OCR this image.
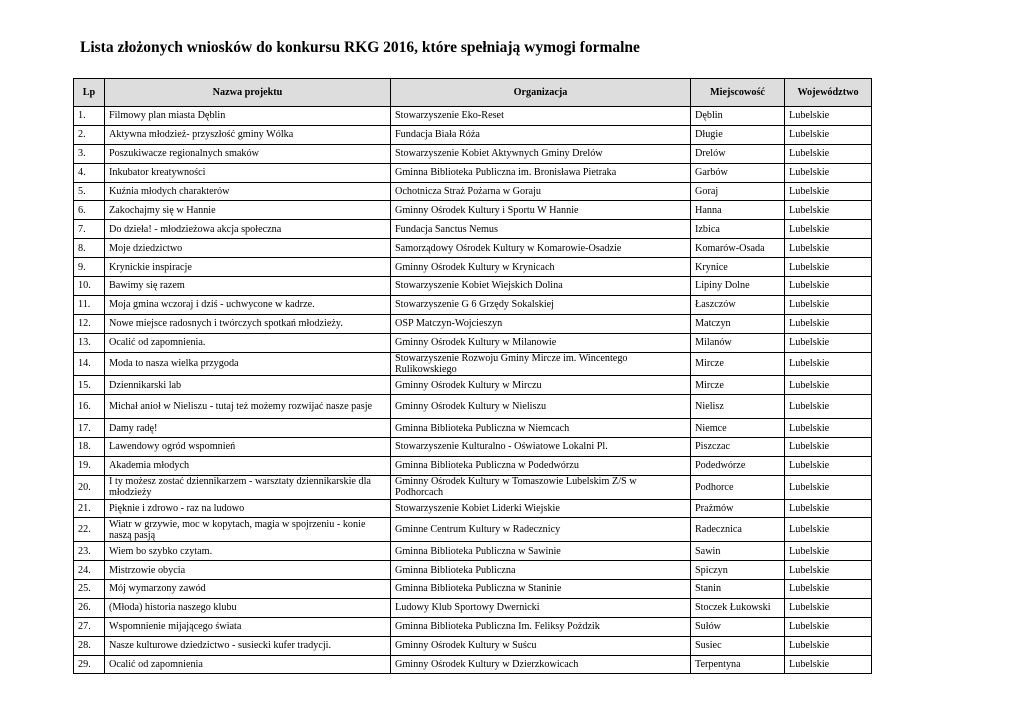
Lista złożonych wniosków do konkursu RKG 2016, które spełniają wymogi formalne
Lp	Nazwa projektu	Organizacja	Miejscowość	Województwo
1.	Filmowy plan miasta Dęblin	Stowarzyszenie Eko-Reset	Dęblin	Lubelskie
2.	Aktywna młodzież- przyszłość gminy Wólka	Fundacja Biała Róża	Długie	Lubelskie
3.	Poszukiwacze regionalnych smaków	Stowarzyszenie Kobiet Aktywnych Gminy Drelów	Drelów	Lubelskie
4.	Inkubator kreatywności	Gminna Biblioteka Publiczna im. Bronisława Pietraka	Garbów	Lubelskie
5.	Kuźnia młodych charakterów	Ochotnicza Straż Pożarna w Goraju	Goraj	Lubelskie
6.	Zakochajmy się w Hannie	Gminny Ośrodek Kultury i Sportu W Hannie	Hanna	Lubelskie
7.	Do dzieła! - młodzieżowa akcja społeczna	Fundacja Sanctus Nemus	Izbica	Lubelskie
8.	Moje dziedzictwo	Samorządowy Ośrodek Kultury w Komarowie-Osadzie	Komarów-Osada	Lubelskie
9.	Krynickie inspiracje	Gminny Ośrodek Kultury w Krynicach	Krynice	Lubelskie
10.	Bawimy się razem	Stowarzyszenie Kobiet Wiejskich Dolina	Lipiny Dolne	Lubelskie
11.	Moja gmina wczoraj i dziś - uchwycone w kadrze.	Stowarzyszenie G 6 Grzędy Sokalskiej	Łaszczów	Lubelskie
12.	Nowe miejsce radosnych i twórczych spotkań młodzieży.	OSP Matczyn-Wojcieszyn	Matczyn	Lubelskie
13.	Ocalić od zapomnienia.	Gminny Ośrodek Kultury w Milanowie	Milanów	Lubelskie
14.	Moda to nasza wielka przygoda	Stowarzyszenie Rozwoju Gminy Mircze im. Wincentego Rulikowskiego	Mircze	Lubelskie
15.	Dziennikarski lab	Gminny Ośrodek Kultury w Mirczu	Mircze	Lubelskie
16.	Michał anioł w Nieliszu - tutaj też możemy rozwijać nasze pasje	Gminny Ośrodek Kultury w Nieliszu	Nielisz	Lubelskie
17.	Damy radę!	Gminna Biblioteka Publiczna w Niemcach	Niemce	Lubelskie
18.	Lawendowy ogród wspomnień	Stowarzyszenie Kulturalno - Oświatowe Lokalni Pl.	Piszczac	Lubelskie
19.	Akademia młodych	Gminna Biblioteka Publiczna w Podedwórzu	Podedwórze	Lubelskie
20.	I ty możesz zostać dziennikarzem - warsztaty dziennikarskie dla młodzieży	Gminny Ośrodek Kultury w Tomaszowie Lubelskim Z/S w Podhorcach	Podhorce	Lubelskie
21.	Pięknie i zdrowo - raz na ludowo	Stowarzyszenie Kobiet Liderki Wiejskie	Prażmów	Lubelskie
22.	Wiatr w grzywie, moc w kopytach, magia w spojrzeniu - konie naszą pasją	Gminne Centrum Kultury w Radecznicy	Radecznica	Lubelskie
23.	Wiem bo szybko czytam.	Gminna Biblioteka Publiczna w Sawinie	Sawin	Lubelskie
24.	Mistrzowie obycia	Gminna Biblioteka Publiczna	Spiczyn	Lubelskie
25.	Mój wymarzony zawód	Gminna Biblioteka Publiczna w Staninie	Stanin	Lubelskie
26.	(Młoda) historia naszego klubu	Ludowy Klub Sportowy Dwernicki	Stoczek Łukowski	Lubelskie
27.	Wspomnienie mijającego świata	Gminna Biblioteka Publiczna Im. Feliksy Pożdzik	Sułów	Lubelskie
28.	Nasze kulturowe dziedzictwo - susiecki kufer tradycji.	Gminny Ośrodek Kultury w Suścu	Susiec	Lubelskie
29.	Ocalić od zapomnienia	Gminny Ośrodek Kultury w Dzierzkowicach	Terpentyna	Lubelskie
